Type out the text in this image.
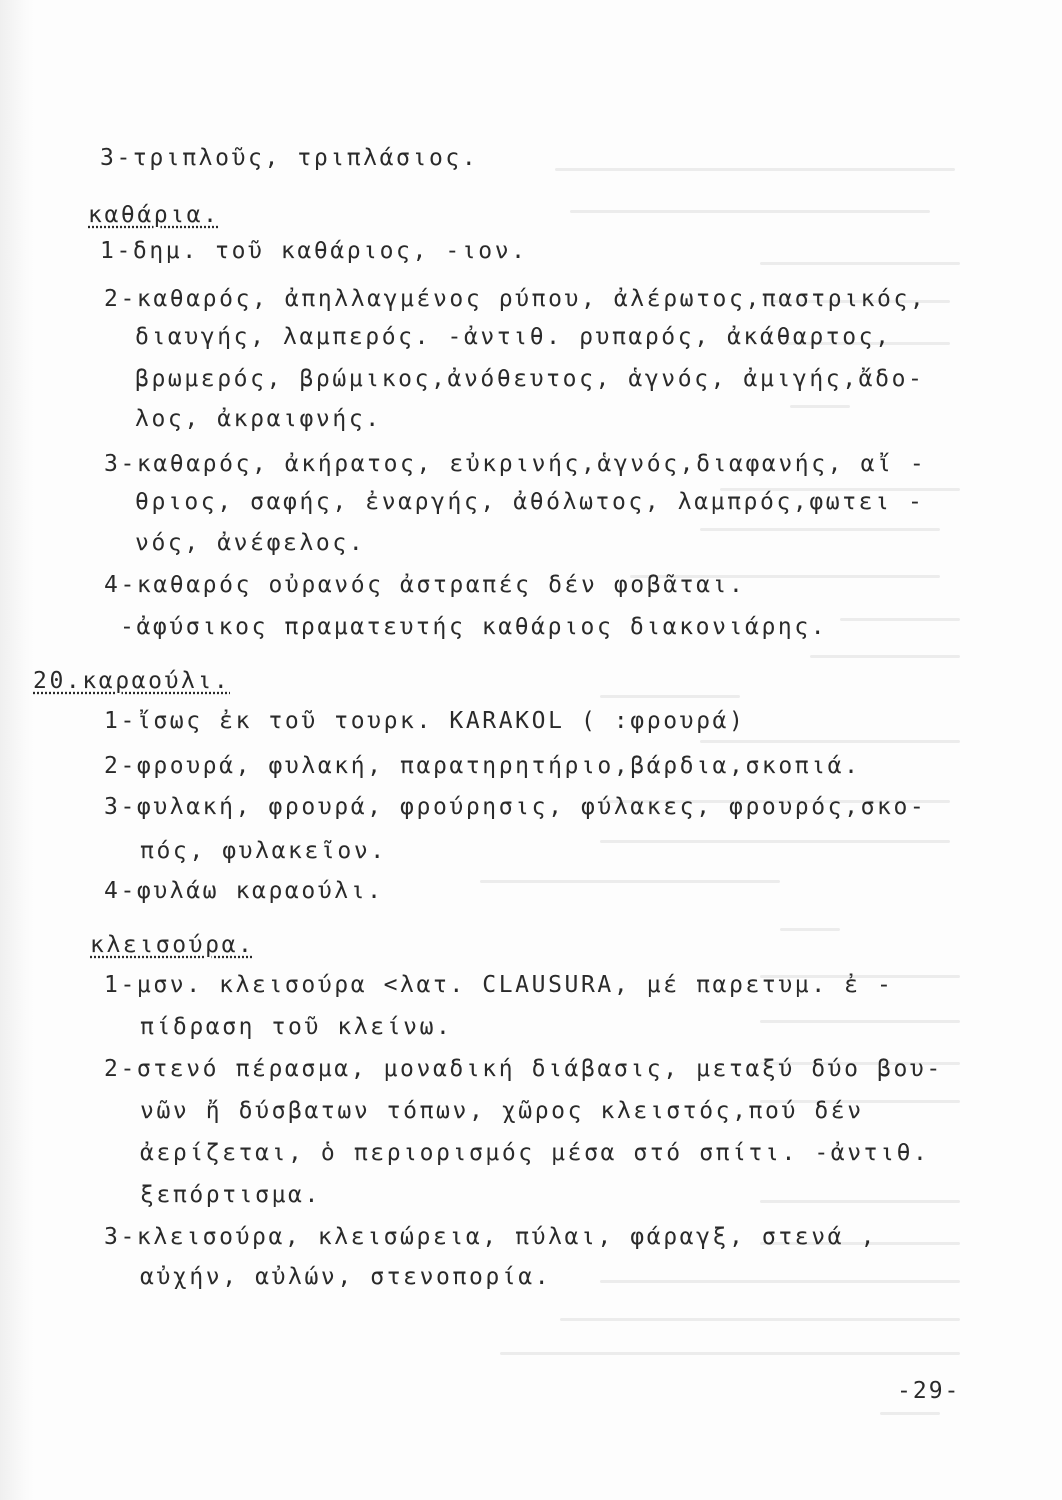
3-τριπλοῦς, τριπλάσιος.
καθάρια.
1-δημ. τοῦ καθάριος, -ιον.
2-καθαρός, ἀπηλλαγμένος ρύπου, ἀλέρωτος,παστρικός,
διαυγής, λαμπερός. -ἀντιθ. ρυπαρός, ἀκάθαρτος,
βρωμερός, βρώμικος,ἀνόθευτος, ἁγνός, ἀμιγής,ἄδο-
λος, ἀκραιφνής.
3-καθαρός, ἀκήρατος, εὐκρινής,ἁγνός,διαφανής, αἴ -
θριος, σαφής, ἐναργής, ἀθόλωτος, λαμπρός,φωτει -
νός, ἀνέφελος.
4-καθαρός οὐρανός ἀστραπές δέν φοβᾶται.
-ἀφύσικος πραματευτής καθάριος διακονιάρης.
20.καραούλι.
1-ἴσως ἐκ τοῦ τουρκ. KARAKOL ( :φρουρά)
2-φρουρά, φυλακή, παρατηρητήριο,βάρδια,σκοπιά.
3-φυλακή, φρουρά, φρούρησις, φύλακες, φρουρός,σκο-
πός, φυλακεῖον.
4-φυλάω καραούλι.
κλεισούρα.
1-μσν. κλεισούρα <λατ. CLAUSURA, μέ παρετυμ. ἐ -
πίδραση τοῦ κλείνω.
2-στενό πέρασμα, μοναδική διάβασις, μεταξύ δύο βου-
νῶν ἤ δύσβατων τόπων, χῶρος κλειστός,πού δέν
ἀερίζεται, ὁ περιορισμός μέσα στό σπίτι. -ἀντιθ.
ξεπόρτισμα.
3-κλεισούρα, κλεισώρεια, πύλαι, φάραγξ, στενά ,
αὐχήν, αὐλών, στενοπορία.
-29-
